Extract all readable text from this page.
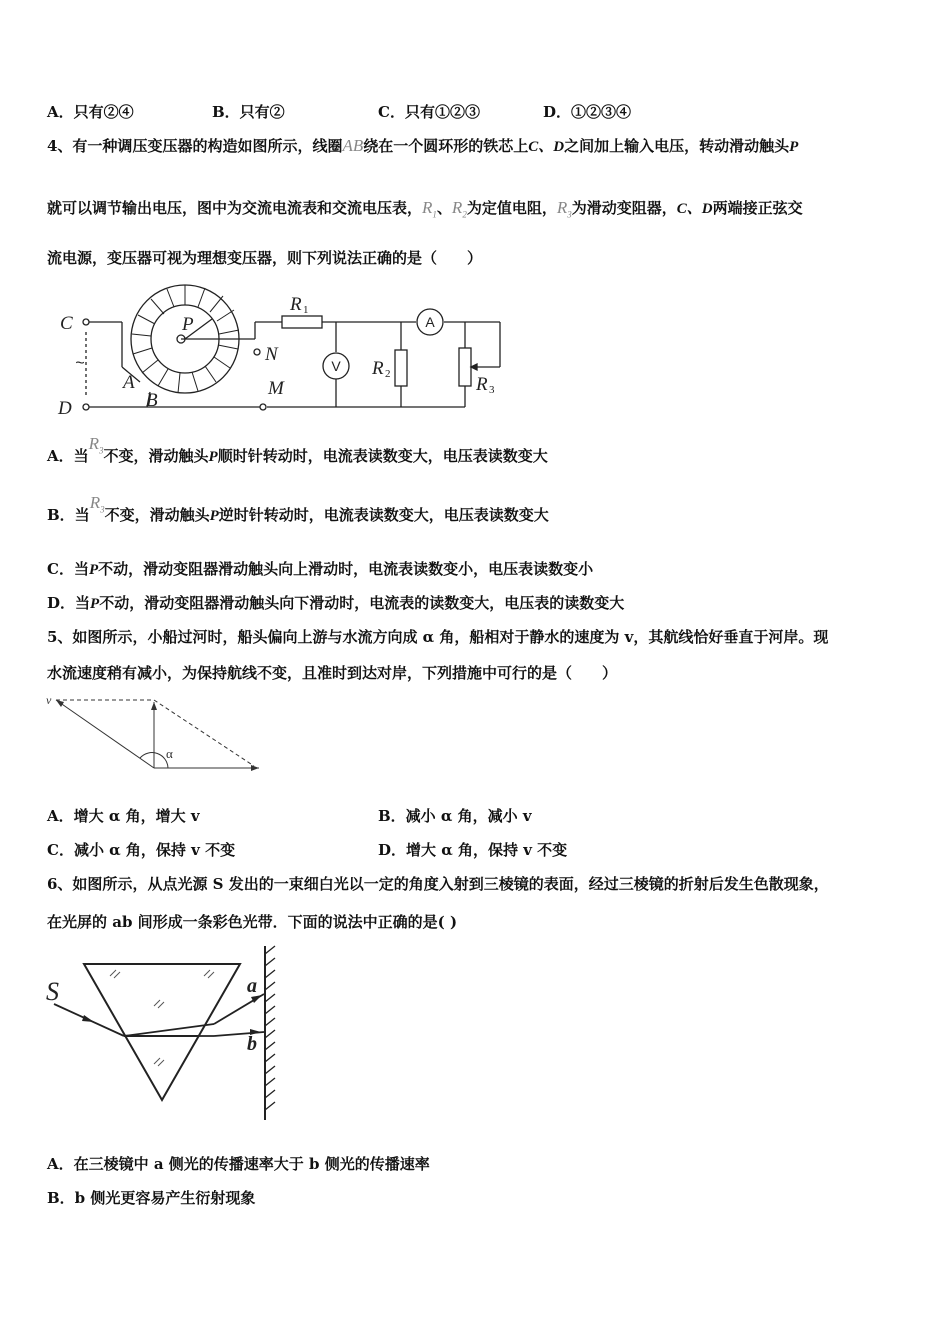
A．只有②④	B．只有②	C．只有①②③	D．①②③④
4、有一种调压变压器的构造如图所示，线圈AB绕在一个圆环形的铁芯上C、D之间加上输入电压，转动滑动触头P
就可以调节输出电压，图中为交流电流表和交流电压表，$R_1$、$R_2$为定值电阻，$R_3$为滑动变阻器，C、D两端接正弦交
流电源，变压器可视为理想变压器，则下列说法正确的是（　　）
C
D
P
N
A
B
M
R
R
R
1
2
3
V
A
~
A．当$R_3$不变，滑动触头P顺时针转动时，电流表读数变大，电压表读数变大
B．当$R_3$不变，滑动触头P逆时针转动时，电流表读数变大，电压表读数变大
C．当P不动，滑动变阻器滑动触头向上滑动时，电流表读数变小，电压表读数变小
D．当P不动，滑动变阻器滑动触头向下滑动时，电流表的读数变大，电压表的读数变大
5、如图所示，小船过河时，船头偏向上游与水流方向成 α 角，船相对于静水的速度为 v，其航线恰好垂直于河岸。现
水流速度稍有减小，为保持航线不变，且准时到达对岸，下列措施中可行的是（　　）
v
α
A．增大 α 角，增大 v	B．减小 α 角，减小 v
C．减小 α 角，保持 v 不变	D．增大 α 角，保持 v 不变
6、如图所示，从点光源 S 发出的一束细白光以一定的角度入射到三棱镜的表面，经过三棱镜的折射后发生色散现象，
在光屏的 ab 间形成一条彩色光带．下面的说法中正确的是( )
S	a
b
A．在三棱镜中 a 侧光的传播速率大于 b 侧光的传播速率
B．b 侧光更容易产生衍射现象
